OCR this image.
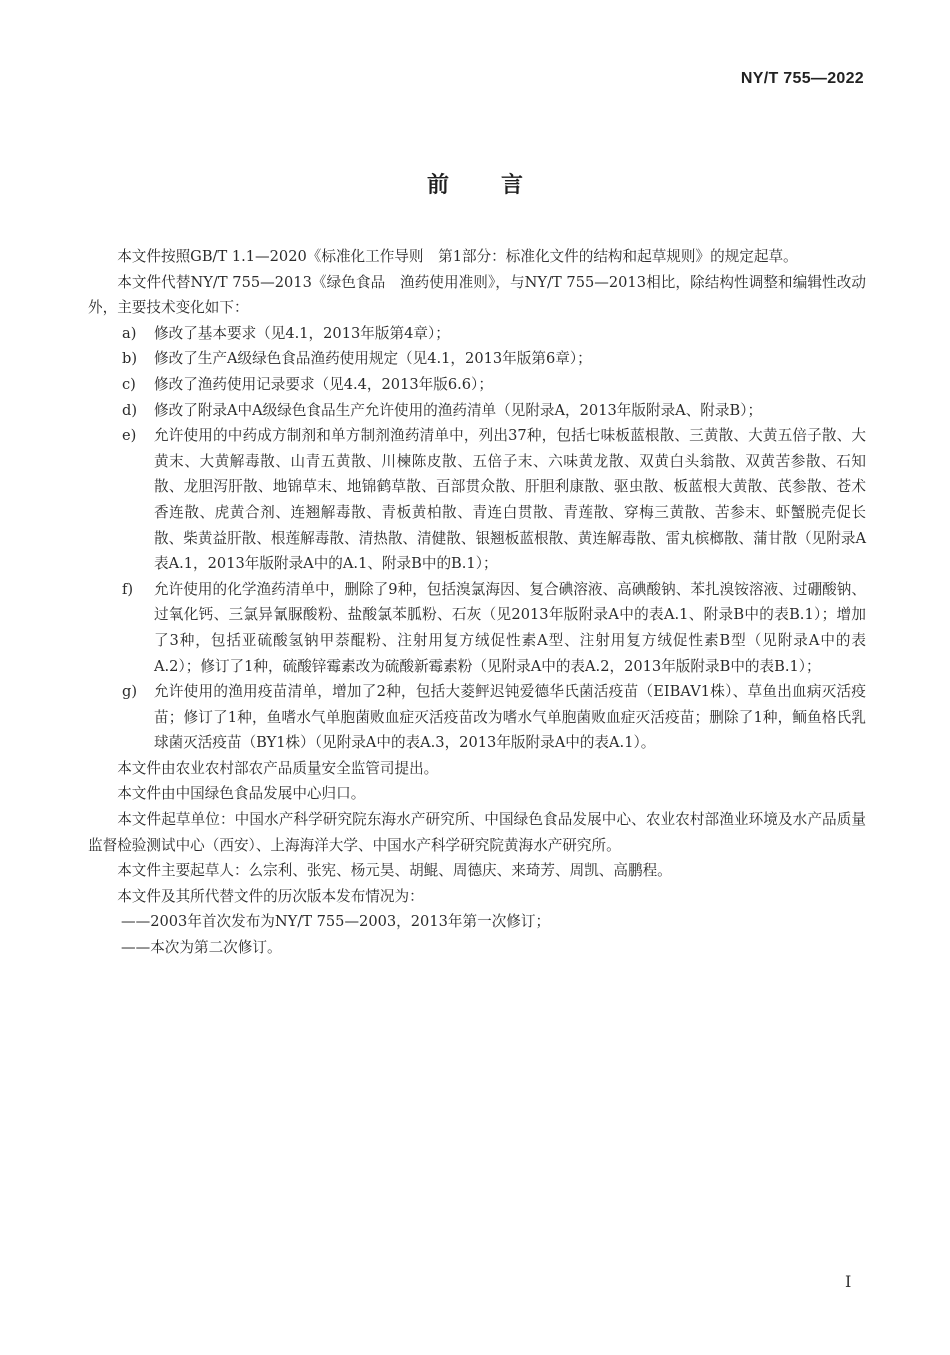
NY/T 755—2022
前言

本文件按照GB/T 1.1—2020《标准化工作导则　第1部分：标准化文件的结构和起草规则》的规定起草。

本文件代替NY/T 755—2013《绿色食品　渔药使用准则》，与NY/T 755—2013相比，除结构性调整和编辑性改动外，主要技术变化如下：

a) 修改了基本要求（见4.1，2013年版第4章）；

b) 修改了生产A级绿色食品渔药使用规定（见4.1，2013年版第6章）；

c) 修改了渔药使用记录要求（见4.4，2013年版6.6）；

d) 修改了附录A中A级绿色食品生产允许使用的渔药清单（见附录A，2013年版附录A、附录B）；

e) 允许使用的中药成方制剂和单方制剂渔药清单中，列出37种，包括七味板蓝根散、三黄散、大黄五倍子散、大黄末、大黄解毒散、山青五黄散、川楝陈皮散、五倍子末、六味黄龙散、双黄白头翁散、双黄苦参散、石知散、龙胆泻肝散、地锦草末、地锦鹤草散、百部贯众散、肝胆利康散、驱虫散、板蓝根大黄散、芪参散、苍术香连散、虎黄合剂、连翘解毒散、青板黄柏散、青连白贯散、青莲散、穿梅三黄散、苦参末、虾蟹脱壳促长散、柴黄益肝散、根莲解毒散、清热散、清健散、银翘板蓝根散、黄连解毒散、雷丸槟榔散、蒲甘散（见附录A表A.1，2013年版附录A中的A.1、附录B中的B.1）；

f) 允许使用的化学渔药清单中，删除了9种，包括溴氯海因、复合碘溶液、高碘酸钠、苯扎溴铵溶液、过硼酸钠、过氧化钙、三氯异氰脲酸粉、盐酸氯苯胍粉、石灰（见2013年版附录A中的表A.1、附录B中的表B.1）；增加了3种，包括亚硫酸氢钠甲萘醌粉、注射用复方绒促性素A型、注射用复方绒促性素B型（见附录A中的表A.2）；修订了1种，硫酸锌霉素改为硫酸新霉素粉（见附录A中的表A.2，2013年版附录B中的表B.1）；

g) 允许使用的渔用疫苗清单，增加了2种，包括大菱鲆迟钝爱德华氏菌活疫苗（EIBAV1株）、草鱼出血病灭活疫苗；修订了1种，鱼嗜水气单胞菌败血症灭活疫苗改为嗜水气单胞菌败血症灭活疫苗；删除了1种，鲕鱼格氏乳球菌灭活疫苗（BY1株）（见附录A中的表A.3，2013年版附录A中的表A.1）。

本文件由农业农村部农产品质量安全监管司提出。

本文件由中国绿色食品发展中心归口。

本文件起草单位：中国水产科学研究院东海水产研究所、中国绿色食品发展中心、农业农村部渔业环境及水产品质量监督检验测试中心（西安）、上海海洋大学、中国水产科学研究院黄海水产研究所。

本文件主要起草人：么宗利、张宪、杨元昊、胡鲲、周德庆、来琦芳、周凯、高鹏程。

本文件及其所代替文件的历次版本发布情况为：

——2003年首次发布为NY/T 755—2003，2013年第一次修订；

——本次为第二次修订。

I
